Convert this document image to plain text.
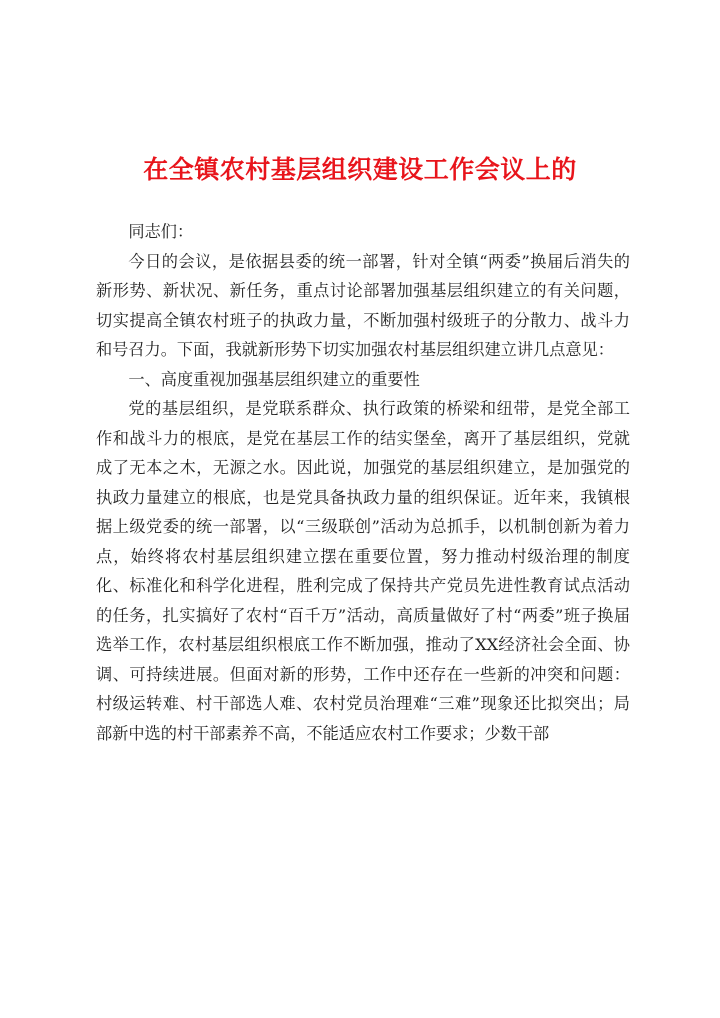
在全镇农村基层组织建设工作会议上的

同志们：

今日的会议，是依据县委的统一部署，针对全镇“两委”换届后消失的新形势、新状况、新任务，重点讨论部署加强基层组织建立的有关问题，切实提高全镇农村班子的执政力量，不断加强村级班子的分散力、战斗力和号召力。下面，我就新形势下切实加强农村基层组织建立讲几点意见：

一、高度重视加强基层组织建立的重要性

党的基层组织，是党联系群众、执行政策的桥梁和纽带，是党全部工作和战斗力的根底，是党在基层工作的结实堡垒，离开了基层组织，党就成了无本之木，无源之水。因此说，加强党的基层组织建立，是加强党的执政力量建立的根底，也是党具备执政力量的组织保证。近年来，我镇根据上级党委的统一部署，以“三级联创”活动为总抓手，以机制创新为着力点，始终将农村基层组织建立摆在重要位置，努力推动村级治理的制度化、标准化和科学化进程，胜利完成了保持共产党员先进性教育试点活动的任务，扎实搞好了农村“百千万”活动，高质量做好了村“两委”班子换届选举工作，农村基层组织根底工作不断加强，推动了XX经济社会全面、协调、可持续进展。但面对新的形势，工作中还存在一些新的冲突和问题：村级运转难、村干部选人难、农村党员治理难“三难”现象还比拟突出；局部新中选的村干部素养不高，不能适应农村工作要求；少数干部
